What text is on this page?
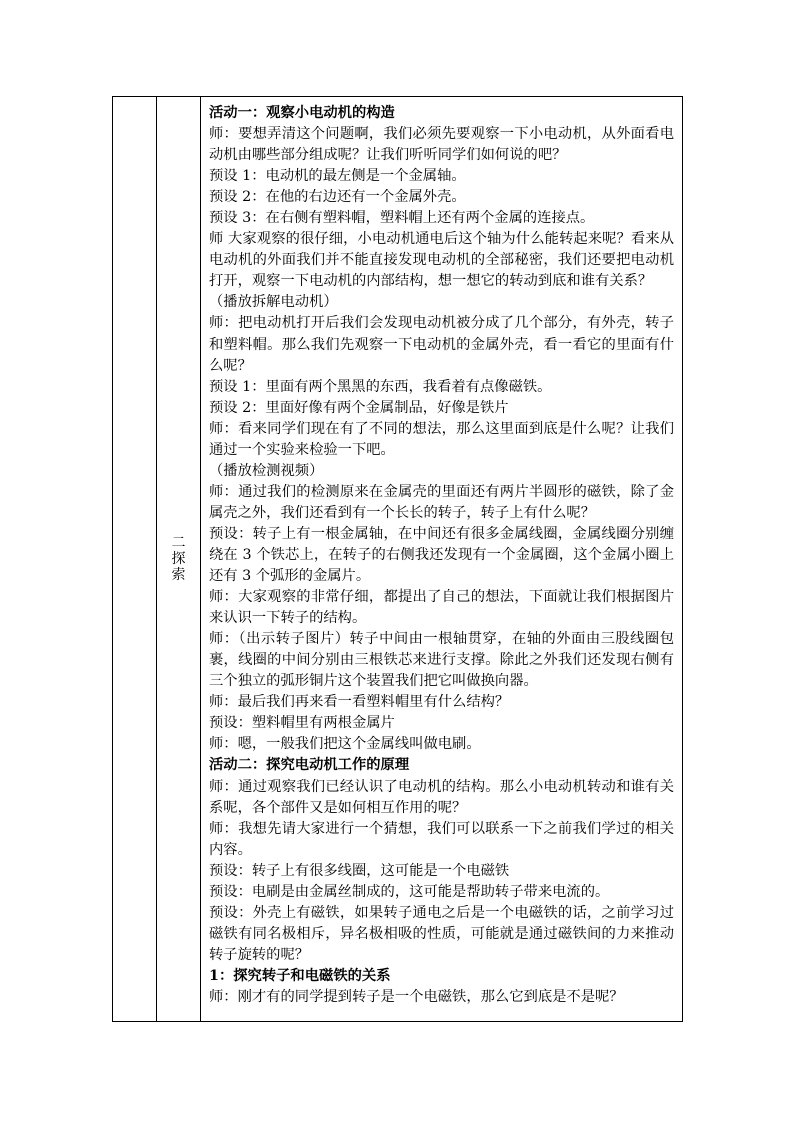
	二探索	

活动一：观察小电动机的构造

师：要想弄清这个问题啊，我们必须先要观察一下小电动机，从外面看电动机由哪些部分组成呢？让我们听听同学们如何说的吧？

预设 1：电动机的最左侧是一个金属轴。

预设 2：在他的右边还有一个金属外壳。

预设 3：在右侧有塑料帽，塑料帽上还有两个金属的连接点。

师 大家观察的很仔细，小电动机通电后这个轴为什么能转起来呢？看来从电动机的外面我们并不能直接发现电动机的全部秘密，我们还要把电动机打开，观察一下电动机的内部结构，想一想它的转动到底和谁有关系？

（播放拆解电动机）

师：把电动机打开后我们会发现电动机被分成了几个部分，有外壳，转子和塑料帽。那么我们先观察一下电动机的金属外壳，看一看它的里面有什么呢？

预设 1：里面有两个黑黑的东西，我看着有点像磁铁。

预设 2：里面好像有两个金属制品，好像是铁片

师：看来同学们现在有了不同的想法，那么这里面到底是什么呢？让我们通过一个实验来检验一下吧。

（播放检测视频）

师：通过我们的检测原来在金属壳的里面还有两片半圆形的磁铁，除了金属壳之外，我们还看到有一个长长的转子，转子上有什么呢？

预设：转子上有一根金属轴，在中间还有很多金属线圈，金属线圈分别缠绕在 3 个铁芯上，在转子的右侧我还发现有一个金属圈，这个金属小圈上还有 3 个弧形的金属片。

师：大家观察的非常仔细，都提出了自己的想法，下面就让我们根据图片来认识一下转子的结构。

师：（出示转子图片）转子中间由一根轴贯穿，在轴的外面由三股线圈包裹，线圈的中间分别由三根铁芯来进行支撑。除此之外我们还发现右侧有三个独立的弧形铜片这个装置我们把它叫做换向器。

师：最后我们再来看一看塑料帽里有什么结构？

预设：塑料帽里有两根金属片

师：嗯，一般我们把这个金属线叫做电刷。

活动二：探究电动机工作的原理

师：通过观察我们已经认识了电动机的结构。那么小电动机转动和谁有关系呢，各个部件又是如何相互作用的呢？

师：我想先请大家进行一个猜想，我们可以联系一下之前我们学过的相关内容。

预设：转子上有很多线圈，这可能是一个电磁铁

预设：电刷是由金属丝制成的，这可能是帮助转子带来电流的。

预设：外壳上有磁铁，如果转子通电之后是一个电磁铁的话，之前学习过磁铁有同名极相斥，异名极相吸的性质，可能就是通过磁铁间的力来推动转子旋转的呢？

1：探究转子和电磁铁的关系

师：刚才有的同学提到转子是一个电磁铁，那么它到底是不是呢？
